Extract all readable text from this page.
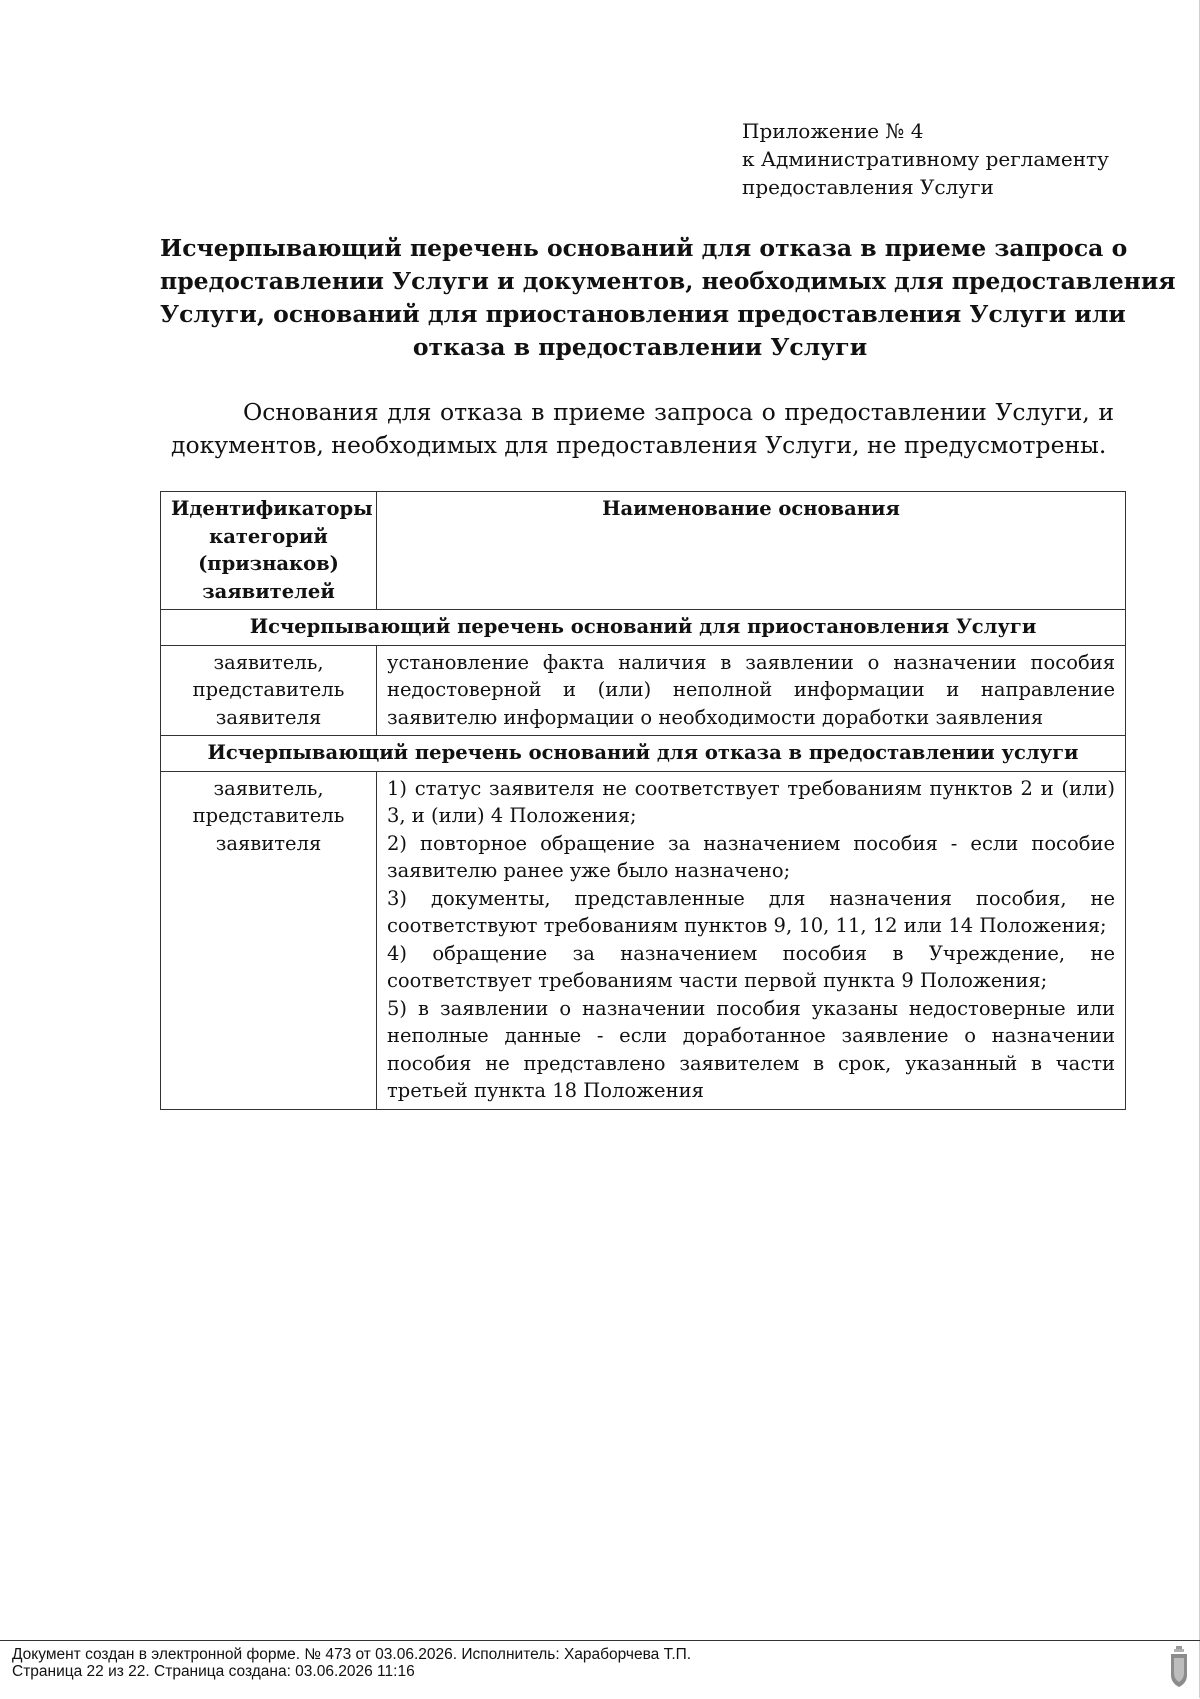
Приложение № 4
к Административному регламенту
предоставления Услуги
Исчерпывающий перечень оснований для отказа в приеме запроса о
предоставлении Услуги и документов, необходимых для предоставления
Услуги, оснований для приостановления предоставления Услуги или
отказа в предоставлении Услуги
Основания для отказа в приеме запроса о предоставлении Услуги, и документов, необходимых для предоставления Услуги, не предусмотрены.
Идентификаторы категорий (признаков) заявителей	Наименование основания
Исчерпывающий перечень оснований для приостановления Услуги	
заявитель, представитель заявителя	установление факта наличия в заявлении о назначении пособия недостоверной и (или) неполной информации и направление заявителю информации о необходимости доработки заявления
Исчерпывающий перечень оснований для отказа в предоставлении услуги	
заявитель, представитель заявителя	1) статус заявителя не соответствует требованиям пунктов 2 и (или) 3, и (или) 4 Положения;

2) повторное обращение за назначением пособия - если пособие заявителю ранее уже было назначено;

3) документы, представленные для назначения пособия, не соответствуют требованиям пунктов 9, 10, 11, 12 или 14 Положения;

4) обращение за назначением пособия в Учреждение, не соответствует требованиям части первой пункта 9 Положения;

5) в заявлении о назначении пособия указаны недостоверные или неполные данные - если доработанное заявление о назначении пособия не представлено заявителем в срок, указанный в части третьей пункта 18 Положения

Документ создан в электронной форме. № 473 от 03.06.2026. Исполнитель: Хараборчева Т.П.
Страница 22 из 22. Страница создана: 03.06.2026 11:16
